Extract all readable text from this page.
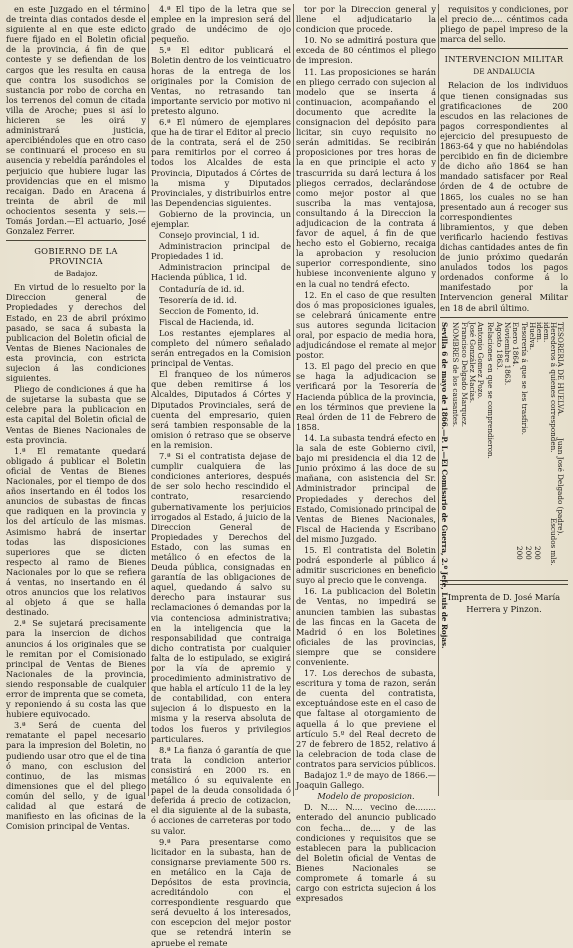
en este Juzgado en el término de treinta dias contados desde el siguiente al en que este edicto fuere fijado en el Boletin oficial de la provincia, á fin de que conteste y se defiendan de los cargos que les resulta en causa que contra los susodichos se sustancia por robo de corcha en los terrenos del comun de citada villa de Aroche; pues si así lo hicieren se les oirá y administrará justicia, apercibiéndoles que en otro caso se continuará el proceso en su ausencia y rebeldía parándoles el perjuicio que hubiere lugar las providencias que en el mismo recaigan. Dado en Aracena á treinta de abril de mil ochocientos sesenta y seis.—Tomás Jordan.—El actuario, José Gonzalez Ferrer.

GOBIERNO DE LA PROVINCIA
de Badajoz.

En virtud de lo resuelto por la Direccion general de Propiedades y derechos del Estado, en 23 de abril próximo pasado, se saca á subasta la publicacion del Boletin oficial de Ventas de Bienes Nacionales de esta provincia, con estricta sujecion á las condiciones siguientes.

Pliego de condiciones á que ha de sujetarse la subasta que se celebre para la publicacion en esta capital del Boletin oficial de Ventas de Bienes Nacionales de esta provincia.

1.ª El rematante quedará obligado á publicar el Boletin oficial de Ventas de Bienes Nacionales, por el tiempo de dos años insertando en él todos los anuncios de subastas de fincas que radiquen en la provincia y los del artículo de las mismas. Asimismo habrá de insertar todas las disposiciones superiores que se dicten respecto al ramo de Bienes Nacionales por lo que se refiera á ventas, no insertando en él otros anuncios que los relativos al objeto á que se halla destinado.

2.ª Se sujetará precisamente para la insercion de dichos anuncios á los originales que se le remitan por el Comisionado principal de Ventas de Bienes Nacionales de la provincia, siendo responsable de cualquier error de imprenta que se cometa, y reponiendo á su costa las que hubiere equivocado.

3.ª Será de cuenta del rematante el papel necesario para la impresion del Boletin, no pudiendo usar otro que el de tina ó mano, con esclusion del continuo, de las mismas dimensiones que el del pliego común del sello, y de igual calidad al que estará de manifiesto en las oficinas de la Comision principal de Ventas.

4.ª El tipo de la letra que se emplee en la impresion será del grado de undécimo de ojo pequeño.

5.ª El editor publicará el Boletin dentro de los veinticuatro horas de la entrega de los originales por la Comision de Ventas, no retrasando tan importante servicio por motivo ni pretesto alguno.

6.ª El número de ejemplares que ha de tirar el Editor al precio de la contrata, será el de 250 para remitirlos por el correo á todos los Alcaldes de esta Provincia, Diputados á Córtes de la misma y Diputados Provinciales, y distribuirlos entre las Dependencias siguientes.

Gobierno de la provincia, un ejemplar.

Consejo provincial, 1 id.

Administracion principal de Propiedades 1 id.

Administracion principal de Hacienda pública, 1 id.

Contaduría de id. id.

Tesorería de id. id.

Seccion de Fomento, id.

Fiscal de Hacienda, id.

Los restantes ejemplares al completo del número señalado serán entregados en la Comision principal de Ventas.

El franqueo de los números que deben remitirse á los Alcaldes, Diputados á Córtes y Diputados Provinciales, será de cuenta del empresario, quien será tambien responsable de la omision ó retraso que se observe en la remision.

7.ª Si el contratista dejase de cumplir cualquiera de las condiciones anteriores, después de ser solo hecho rescindido el contrato, resarciendo gubernativamente los perjuicios irrogados al Estado, á juicio de la Direccion General de Propiedades y Derechos del Estado, con las sumas en metálico ó en efectos de la Deuda pública, consignadas en garantía de las obligaciones de aquel, quedando á salvo su derecho para instaurar sus reclamaciones ó demandas por la via contenciosa administrativa; en la inteligencia que la responsabilidad que contraiga dicho contratista por cualquier falta de lo estipulado, se exigirá por la vía de apremio y procedimiento administrativo de que habla el artículo 11 de la ley de contabilidad, con entera sujecion á lo dispuesto en la misma y la reserva absoluta de todos los fueros y privilegios particulares.

8.ª La fianza ó garantía de que trata la condicion anterior consistirá en 2000 rs. en metálico ó su equivalente en papel de la deuda consolidada ó deferida á precio de cotizacion, el dia siguiente al de la subasta, ó acciones de carreteras por todo su valor.

9.ª Para presentarse como licitador en la subasta, han de consignarse previamente 500 rs. en metálico en la Caja de Depósitos de esta provincia, acreditándolo con el correspondiente resguardo que será devuelto á los interesados, con escepcion del mejor postor que se retendrá interin se apruebe el remate

tor por la Direccion general y llene el adjudicatario la condicion que procede.

10. No se admitirá postura que exceda de 80 céntimos el pliego de impresion.

11. Las proposiciones se harán en pliego cerrado con sujecion al modelo que se inserta á continuacion, acompañando el documento que acredite la consignacion del depósito para licitar, sin cuyo requisito no serán admitidas. Se recibirán proposiciones por tres horas de la en que principie el acto y trascurrida su dará lectura á los pliegos cerrados, declarándose como mejor postor al que suscriba la mas ventajosa, consultando á la Direccion la adjudicacion de la contrata á favor de aquel, á fin de que hecho esto el Gobierno, recaiga la aprobacion y resolucion superior correspondiente, sino hubiese inconveniente alguno y en la cual no tendrá efecto.

12. En el caso de que resulten dos ó mas proposiciones iguales, se celebrará únicamente entre sus autores segunda licitacion oral, por espacio de media hora, adjudicándose el remate al mejor postor.

13. El pago del precio en que se haga la adjudicacion se verificará por la Tesorería de Hacienda pública de la provincia, en los términos que previene la Real órden de 11 de Febrero de 1858.

14. La subasta tendrá efecto en la sala de este Gobierno civil, bajo mi presidencia el dia 12 de Junio próximo á las doce de su mañana, con asistencia del Sr. Administrador principal de Propiedades y derechos del Estado, Comisionado principal de Ventas de Bienes Nacionales, Fiscal de Hacienda y Escribano del mismo Juzgado.

15. El contratista del Boletin podrá esponderle al público á admitir suscriciones en beneficio suyo al precio que le convenga.

16. La publicacion del Boletin de Ventas, no impedirá se anuncien tambien las subastas de las fincas en la Gaceta de Madrid ó en los Boletines oficiales de las provincias, siempre que se considere conveniente.

17. Los derechos de subasta, escritura y toma de razon, serán de cuenta del contratista, exceptuándose este en el caso de que faltase al otorgamiento de aquella á lo que previene el artículo 5.º del Real decreto de 27 de febrero de 1852, relativo á la celebracion de toda clase de contratos para servicios públicos.

Badajoz 1.º de mayo de 1866.—Joaquin Gallego.

Modelo de proposicion.

D. N.... N.... vecino de........ enterado del anuncio publicado con fecha... de.... y de las condiciones y requisitos que se establecen para la publicacion del Boletin oficial de Ventas de Bienes Nacionales se compromete á tomarle á su cargo con estricta sujecion á los expresados

requisitos y condiciones, por el precio de.... céntimos cada pliego de papel impreso de la marca del sello.

INTERVENCION MILITAR
DE ANDALUCIA

Relacion de los individuos que tienen consignadas sus gratificaciones de 200 escudos en las relaciones de pagos correspondientes al ejercicio del presupuesto de 1863-64 y que no habiéndolas percibido en fin de diciembre de dicho año 1864 se han mandado satisfacer por Real órden de 4 de octubre de 1865, los cuales no se han presentado aun á recoger sus correspondientes libramientos, y que deben verificarlo haciendo festivas dichas cantidades antes de fin de junio próximo quedarán anulados todos los pagos ordenados conforme á lo manifestado por la Intervencion general Militar en 18 de abril último.

Sevilla 6 de mayo de 1866.—P. I.—El Comisario de Guerra, 2.º Jefe, Luis de Rojas. NOMBRES de los causantes. Francisco Delgado Marquez. José González Macías. Antonio Gomez Pozo. Relaciones en que se comprendieron. Agosto 1863. Noviembre 1863. Enero 1864. Tesorería á que se les trasfirio. Huelva.
idem.
idem.
Herederos á quienes corresponden.
Juan José Delgado (padre).
TESORERIA DE HUELVA.
Escudos mls.
200
200
200
Imprenta de D. José María
Herrera y Pinzon.
